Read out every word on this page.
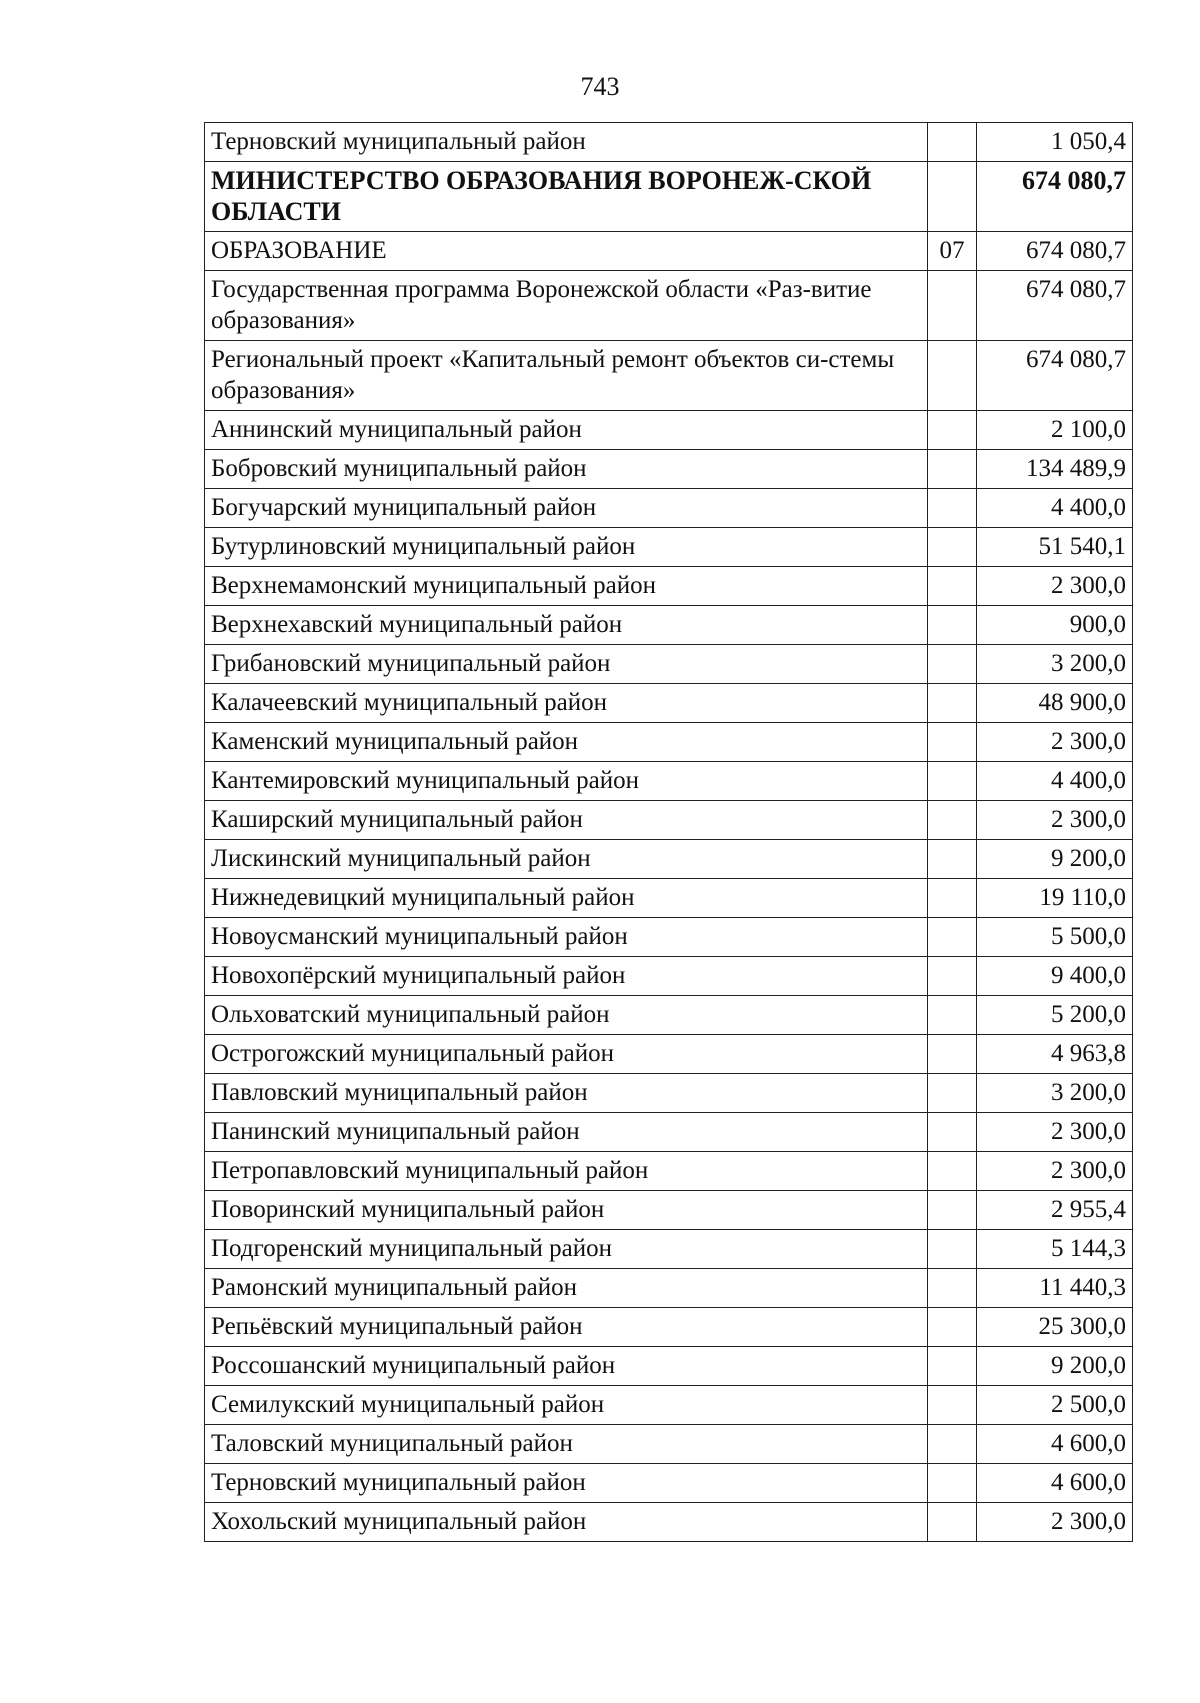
743
Терновский муниципальный район		1 050,4
МИНИСТЕРСТВО ОБРАЗОВАНИЯ ВОРОНЕЖ-СКОЙ ОБЛАСТИ		674 080,7
ОБРАЗОВАНИЕ	07	674 080,7
Государственная программа Воронежской области «Раз-витие образования»		674 080,7
Региональный проект «Капитальный ремонт объектов си-стемы образования»		674 080,7
Аннинский муниципальный район		2 100,0
Бобровский муниципальный район		134 489,9
Богучарский муниципальный район		4 400,0
Бутурлиновский муниципальный район		51 540,1
Верхнемамонский муниципальный район		2 300,0
Верхнехавский муниципальный район		900,0
Грибановский муниципальный район		3 200,0
Калачеевский муниципальный район		48 900,0
Каменский муниципальный район		2 300,0
Кантемировский муниципальный район		4 400,0
Каширский муниципальный район		2 300,0
Лискинский муниципальный район		9 200,0
Нижнедевицкий муниципальный район		19 110,0
Новоусманский муниципальный район		5 500,0
Новохопёрский муниципальный район		9 400,0
Ольховатский муниципальный район		5 200,0
Острогожский муниципальный район		4 963,8
Павловский муниципальный район		3 200,0
Панинский муниципальный район		2 300,0
Петропавловский муниципальный район		2 300,0
Поворинский муниципальный район		2 955,4
Подгоренский муниципальный район		5 144,3
Рамонский муниципальный район		11 440,3
Репьёвский муниципальный район		25 300,0
Россошанский муниципальный район		9 200,0
Семилукский муниципальный район		2 500,0
Таловский муниципальный район		4 600,0
Терновский муниципальный район		4 600,0
Хохольский муниципальный район		2 300,0
